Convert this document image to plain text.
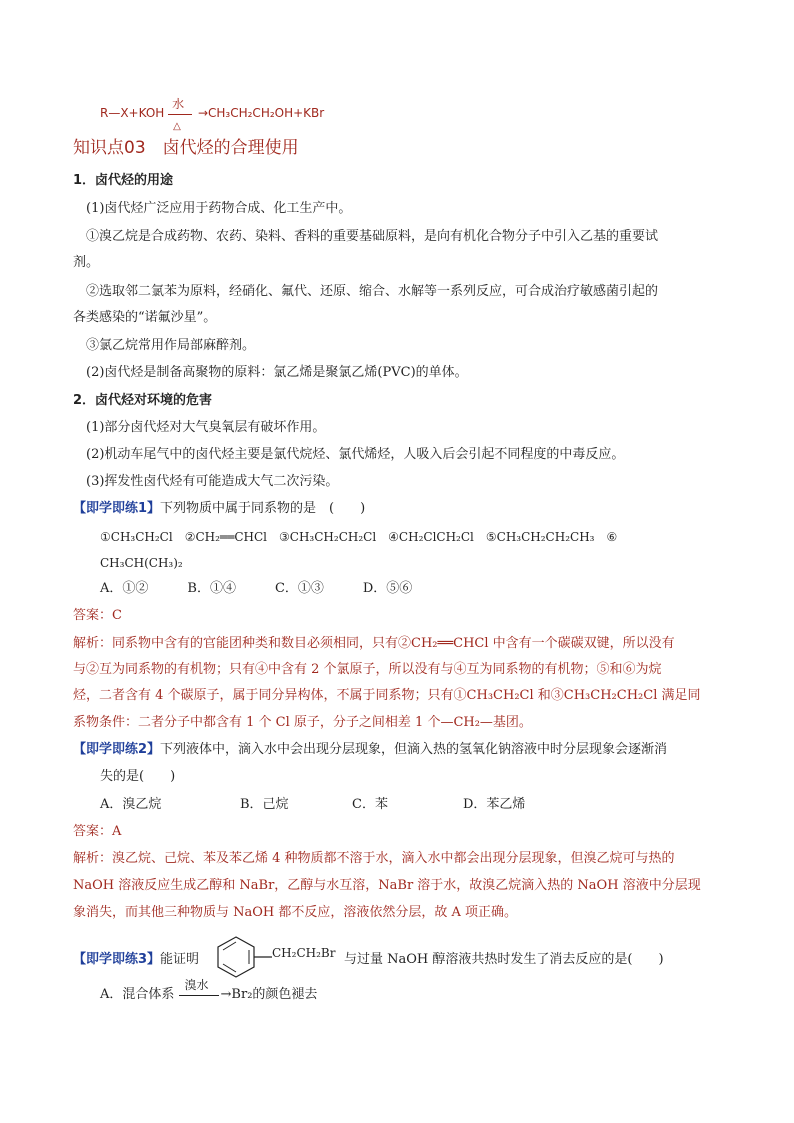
R—X+KOH
水
△
→CH₃CH₂CH₂OH+KBr
知识点03　卤代烃的合理使用
1．卤代烃的用途
(1)卤代烃广泛应用于药物合成、化工生产中。
①溴乙烷是合成药物、农药、染料、香料的重要基础原料，是向有机化合物分子中引入乙基的重要试
剂。
②选取邻二氯苯为原料，经硝化、氟代、还原、缩合、水解等一系列反应，可合成治疗敏感菌引起的
各类感染的“诺氟沙星”。
③氯乙烷常用作局部麻醉剂。
(2)卤代烃是制备高聚物的原料：氯乙烯是聚氯乙烯(PVC)的单体。
2．卤代烃对环境的危害
(1)部分卤代烃对大气臭氧层有破坏作用。
(2)机动车尾气中的卤代烃主要是氯代烷烃、氯代烯烃，人吸入后会引起不同程度的中毒反应。
(3)挥发性卤代烃有可能造成大气二次污染。
【即学即练1】下列物质中属于同系物的是　(　　)
①CH₃CH₂Cl　②CH₂══CHCl　③CH₃CH₂CH₂Cl　④CH₂ClCH₂Cl　⑤CH₃CH₂CH₂CH₃　⑥
CH₃CH(CH₃)₂
A．①②　　　B．①④　　　C．①③　　　D．⑤⑥
答案：C
解析：同系物中含有的官能团种类和数目必须相同，只有②CH₂══CHCl 中含有一个碳碳双键，所以没有
与②互为同系物的有机物；只有④中含有 2 个氯原子，所以没有与④互为同系物的有机物；⑤和⑥为烷
烃，二者含有 4 个碳原子，属于同分异构体，不属于同系物；只有①CH₃CH₂Cl 和③CH₃CH₂CH₂Cl 满足同
系物条件：二者分子中都含有 1 个 Cl 原子，分子之间相差 1 个—CH₂—基团。
【即学即练2】下列液体中，滴入水中会出现分层现象，但滴入热的氢氧化钠溶液中时分层现象会逐渐消
失的是(　　)
A．溴乙烷	B．己烷	C．苯	D．苯乙烯
答案：A
解析：溴乙烷、己烷、苯及苯乙烯 4 种物质都不溶于水，滴入水中都会出现分层现象，但溴乙烷可与热的
NaOH 溶液反应生成乙醇和 NaBr，乙醇与水互溶，NaBr 溶于水，故溴乙烷滴入热的 NaOH 溶液中分层现
象消失，而其他三种物质与 NaOH 都不反应，溶液依然分层，故 A 项正确。
【即学即练3】能证明	CH₂CH₂Br 与过量 NaOH 醇溶液共热时发生了消去反应的是(　　)
A．混合体系
溴水
→Br₂的颜色褪去
